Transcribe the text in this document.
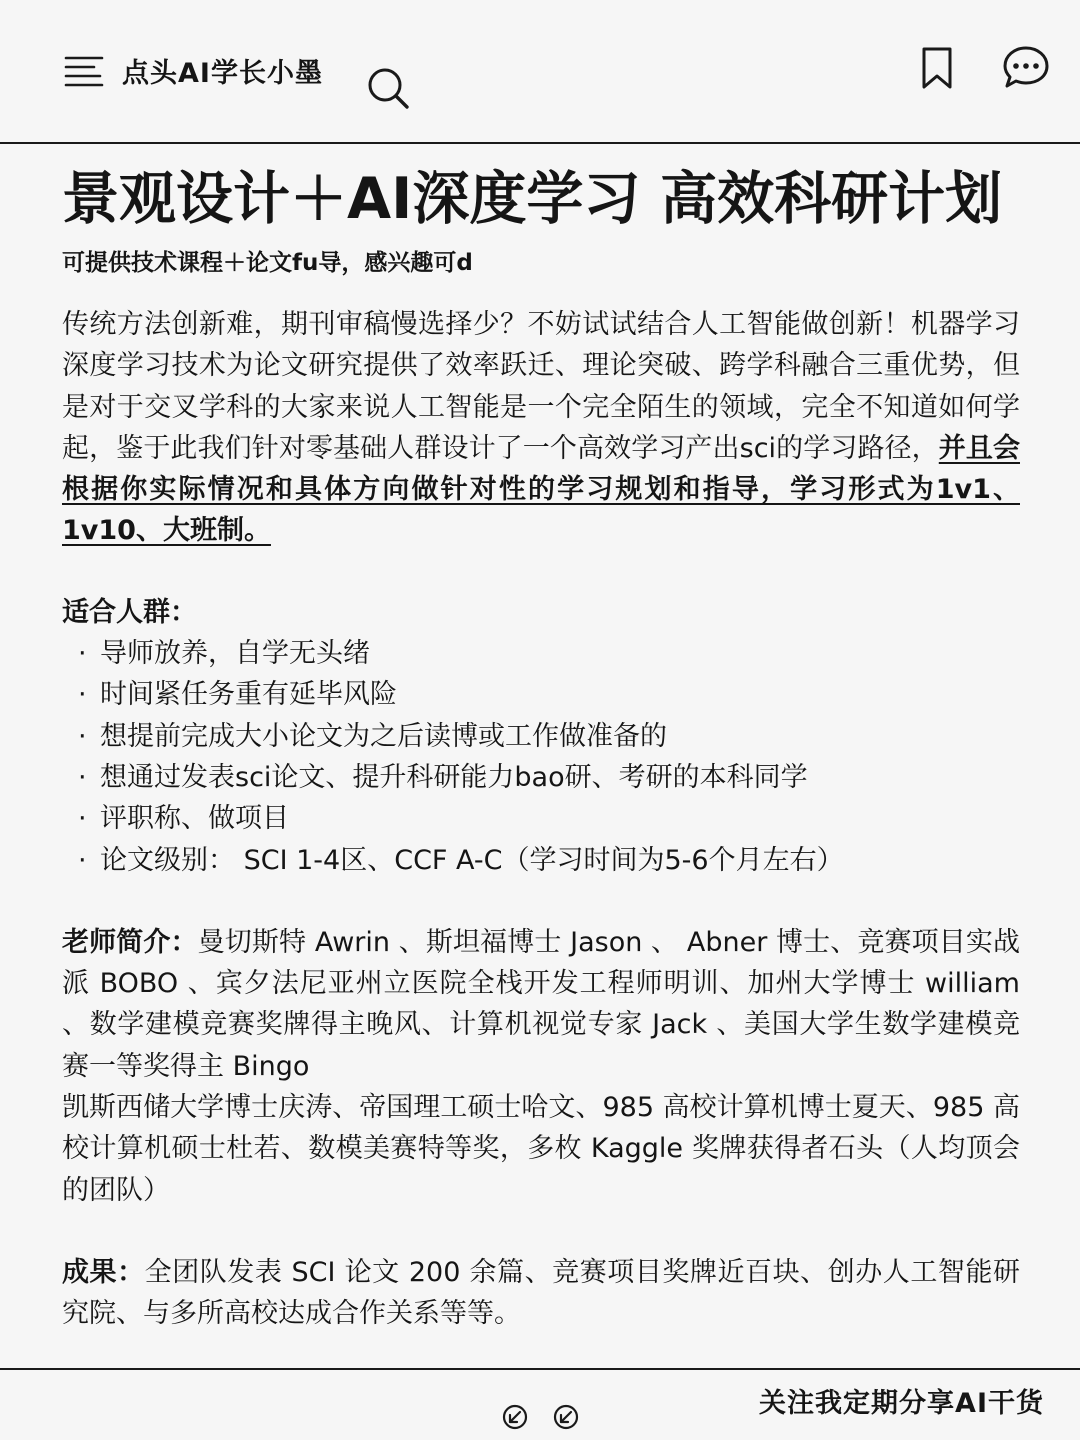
点头AI学长小墨
景观设计＋AI深度学习 高效科研计划
可提供技术课程＋论文fu导，感兴趣可d

传统方法创新难，期刊审稿慢选择少？不妨试试结合人工智能做创新！机器学习深度学习技术为论文研究提供了效率跃迁、理论突破、跨学科融合三重优势，但是对于交叉学科的大家来说人工智能是一个完全陌生的领域，完全不知道如何学起，鉴于此我们针对零基础人群设计了一个高效学习产出sci的学习路径，并且会根据你实际情况和具体方向做针对性的学习规划和指导，学习形式为1v1、1v10、大班制。

适合人群：
· 导师放养，自学无头绪
· 时间紧任务重有延毕风险
· 想提前完成大小论文为之后读博或工作做准备的
· 想通过发表sci论文、提升科研能力bao研、考研的本科同学
· 评职称、做项目
· 论文级别： SCI 1-4区、CCF A-C（学习时间为5-6个月左右）

老师简介：曼切斯特 Awrin 、斯坦福博士 Jason 、 Abner 博士、竞赛项目实战派 BOBO 、宾夕法尼亚州立医院全栈开发工程师明训、加州大学博士 william 、数学建模竞赛奖牌得主晚风、计算机视觉专家 Jack 、美国大学生数学建模竞赛一等奖得主 Bingo

凯斯西储大学博士庆涛、帝国理工硕士哈文、985 高校计算机博士夏天、985 高校计算机硕士杜若、数模美赛特等奖，多枚 Kaggle 奖牌获得者石头（人均顶会的团队）

成果：全团队发表 SCI 论文 200 余篇、竞赛项目奖牌近百块、创办人工智能研究院、与多所高校达成合作关系等等。
关注我定期分享AI干货
